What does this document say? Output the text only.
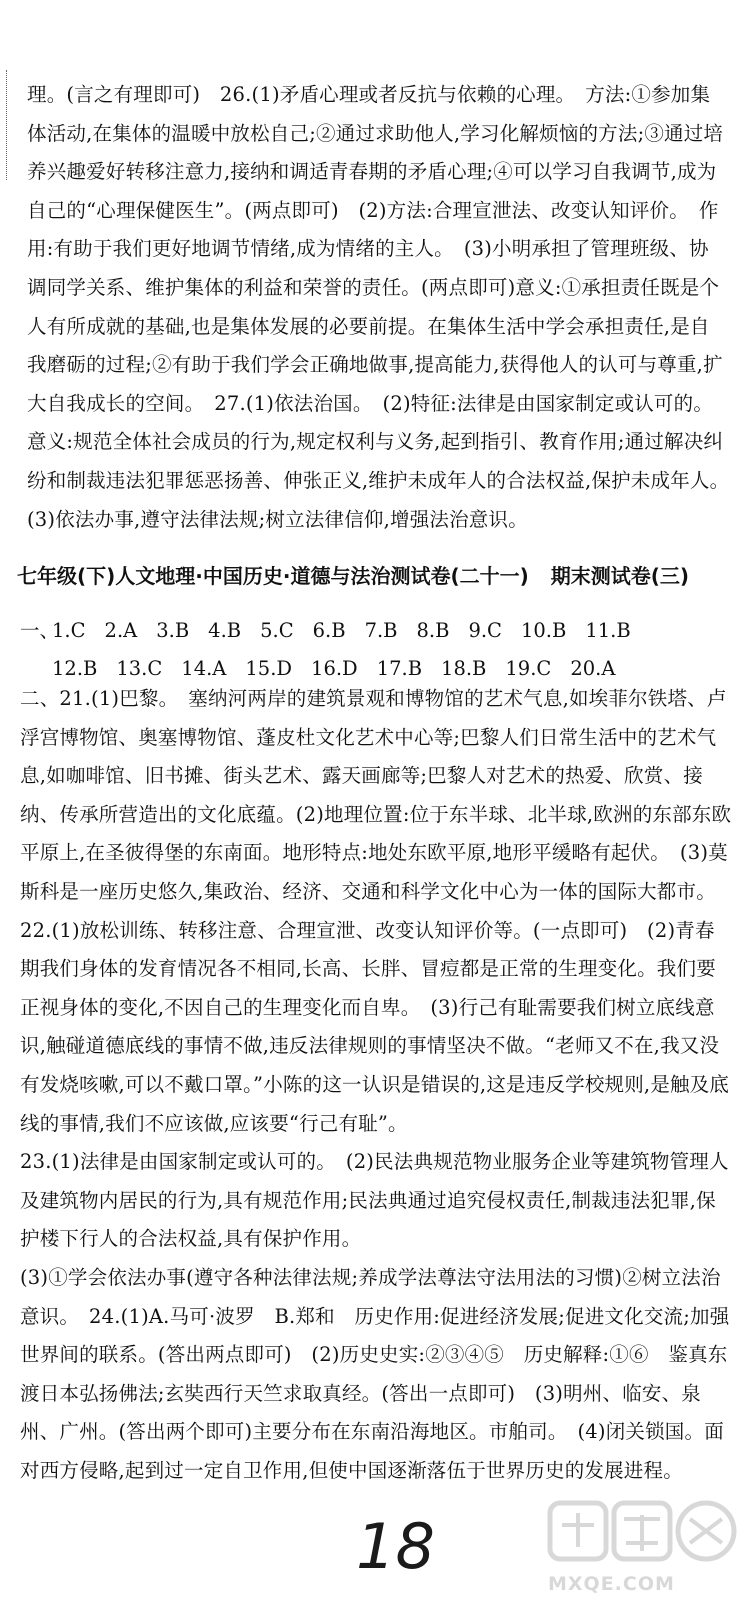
理。(言之有理即可)　26.(1)矛盾心理或者反抗与依赖的心理。　方法:①参加集体活动,在集体的温暖中放松自己;②通过求助他人,学习化解烦恼的方法;③通过培养兴趣爱好转移注意力,接纳和调适青春期的矛盾心理;④可以学习自我调节,成为自己的“心理保健医生”。(两点即可)　(2)方法:合理宣泄法、改变认知评价。　作用:有助于我们更好地调节情绪,成为情绪的主人。　(3)小明承担了管理班级、协调同学关系、维护集体的利益和荣誉的责任。(两点即可)意义:①承担责任既是个人有所成就的基础,也是集体发展的必要前提。在集体生活中学会承担责任,是自我磨砺的过程;②有助于我们学会正确地做事,提高能力,获得他人的认可与尊重,扩大自我成长的空间。　27.(1)依法治国。　(2)特征:法律是由国家制定或认可的。　意义:规范全体社会成员的行为,规定权利与义务,起到指引、教育作用;通过解决纠纷和制裁违法犯罪惩恶扬善、伸张正义,维护未成年人的合法权益,保护未成年人。　(3)依法办事,遵守法律法规;树立法律信仰,增强法治意识。
七年级(下)人文地理·中国历史·道德与法治测试卷(二十一) 期末测试卷(三)
一、1.C 2.A 3.B 4.B 5.C 6.B 7.B 8.B 9.C 10.B 11.B
12.B 13.C 14.A 15.D 16.D 17.B 18.B 19.C 20.A
二、21.(1)巴黎。　塞纳河两岸的建筑景观和博物馆的艺术气息,如埃菲尔铁塔、卢浮宫博物馆、奥塞博物馆、蓬皮杜文化艺术中心等;巴黎人们日常生活中的艺术气息,如咖啡馆、旧书摊、街头艺术、露天画廊等;巴黎人对艺术的热爱、欣赏、接纳、传承所营造出的文化底蕴。(2)地理位置:位于东半球、北半球,欧洲的东部东欧平原上,在圣彼得堡的东南面。地形特点:地处东欧平原,地形平缓略有起伏。　(3)莫斯科是一座历史悠久,集政治、经济、交通和科学文化中心为一体的国际大都市。　22.(1)放松训练、转移注意、合理宣泄、改变认知评价等。(一点即可)　(2)青春期我们身体的发育情况各不相同,长高、长胖、冒痘都是正常的生理变化。我们要正视身体的变化,不因自己的生理变化而自卑。　(3)行己有耻需要我们树立底线意识,触碰道德底线的事情不做,违反法律规则的事情坚决不做。“老师又不在,我又没有发烧咳嗽,可以不戴口罩。”小陈的这一认识是错误的,这是违反学校规则,是触及底线的事情,我们不应该做,应该要“行己有耻”。
23.(1)法律是由国家制定或认可的。　(2)民法典规范物业服务企业等建筑物管理人及建筑物内居民的行为,具有规范作用;民法典通过追究侵权责任,制裁违法犯罪,保护楼下行人的合法权益,具有保护作用。
(3)①学会依法办事(遵守各种法律法规;养成学法尊法守法用法的习惯)②树立法治意识。　24.(1)A.马可·波罗　B.郑和　历史作用:促进经济发展;促进文化交流;加强世界间的联系。(答出两点即可)　(2)历史史实:②③④⑤　历史解释:①⑥　鉴真东渡日本弘扬佛法;玄奘西行天竺求取真经。(答出一点即可)　(3)明州、临安、泉州、广州。(答出两个即可)主要分布在东南沿海地区。市舶司。　(4)闭关锁国。面对西方侵略,起到过一定自卫作用,但使中国逐渐落伍于世界历史的发展进程。
18
MXQE.COM
